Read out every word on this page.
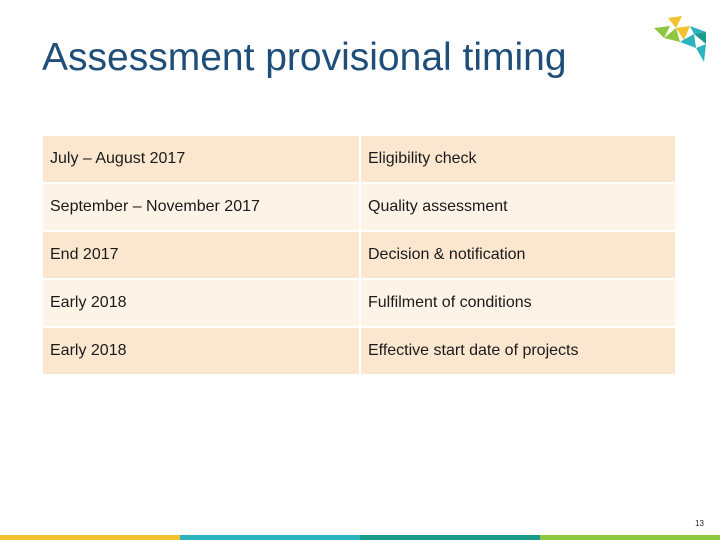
Assessment provisional timing
July – August 2017	Eligibility check
September – November 2017	Quality assessment
End 2017	Decision & notification
Early 2018	Fulfilment of conditions
Early 2018	Effective start date of projects
13
